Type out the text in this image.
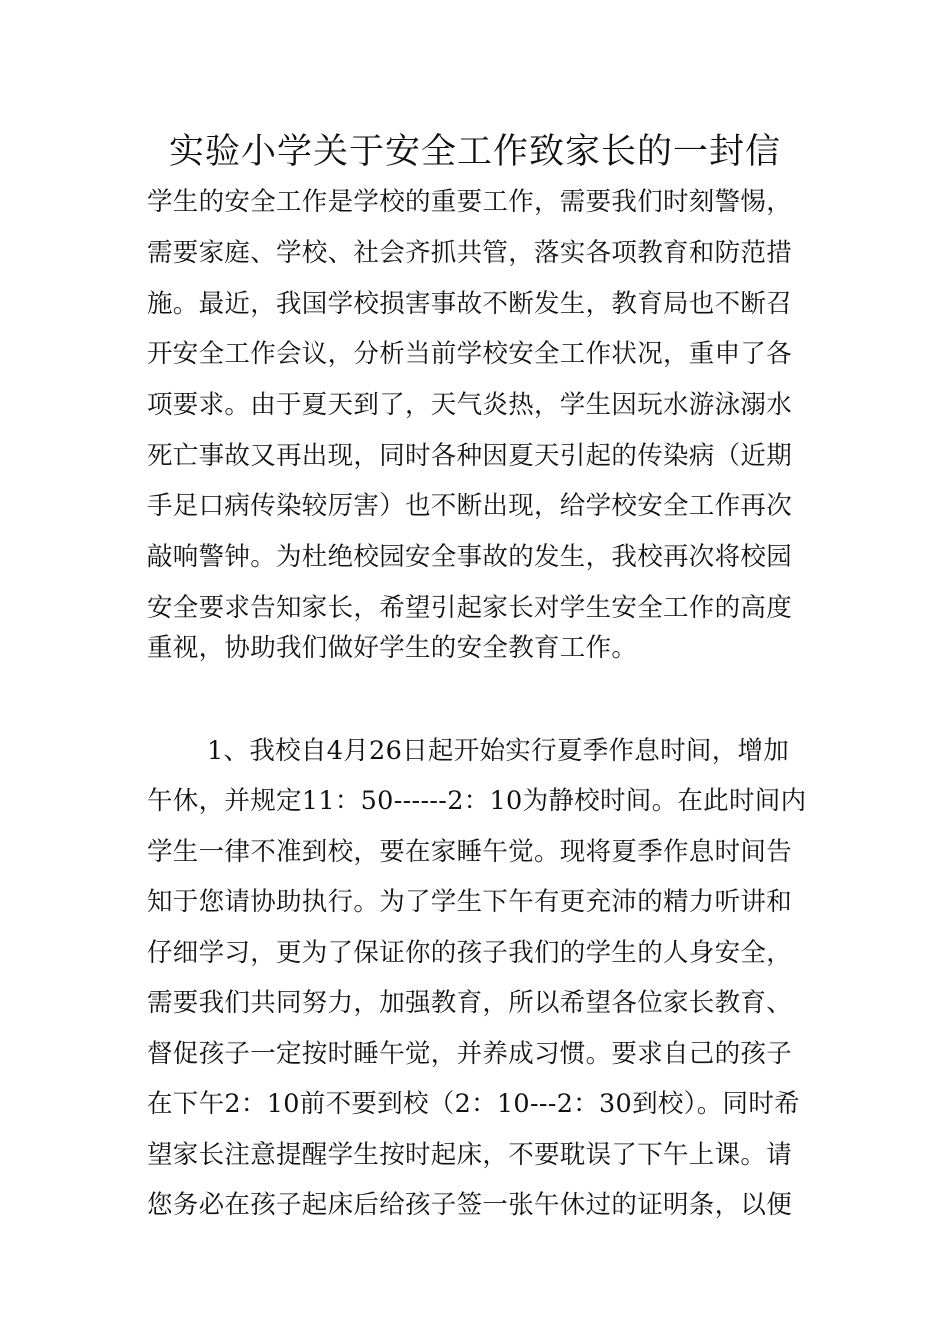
实验小学关于安全工作致家长的一封信

学生的安全工作是学校的重要工作，需要我们时刻警惕，

需要家庭、学校、社会齐抓共管，落实各项教育和防范措

施。最近，我国学校损害事故不断发生，教育局也不断召

开安全工作会议，分析当前学校安全工作状况，重申了各

项要求。由于夏天到了，天气炎热，学生因玩水游泳溺水

死亡事故又再出现，同时各种因夏天引起的传染病（近期

手足口病传染较厉害）也不断出现，给学校安全工作再次

敲响警钟。为杜绝校园安全事故的发生，我校再次将校园

安全要求告知家长，希望引起家长对学生安全工作的高度

重视，协助我们做好学生的安全教育工作。

1、我校自4月26日起开始实行夏季作息时间，增加

午休，并规定11：50------2：10为静校时间。在此时间内

学生一律不准到校，要在家睡午觉。现将夏季作息时间告

知于您请协助执行。为了学生下午有更充沛的精力听讲和

仔细学习，更为了保证你的孩子我们的学生的人身安全，

需要我们共同努力，加强教育，所以希望各位家长教育、

督促孩子一定按时睡午觉，并养成习惯。要求自己的孩子

在下午2：10前不要到校（2：10---2：30到校）。同时希

望家长注意提醒学生按时起床，不要耽误了下午上课。请

您务必在孩子起床后给孩子签一张午休过的证明条，以便
